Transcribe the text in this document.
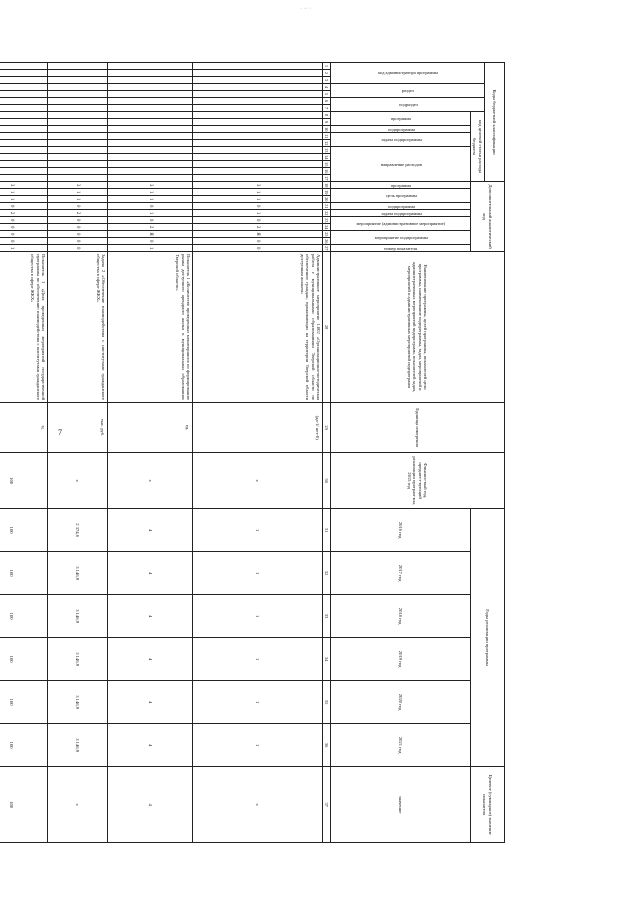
· ·· ·
7
Коды бюджетной классификации																	Дополнительный аналитический код										Наименование программы, целей программы, показателей цели программы, наименование подпрограммы, задач, мероприятий и административных мероприятий подпрограмм, показателей задач, мероприятий и административных мероприятий подпрограмм	Единица измерения	Финансо-вый год, предшест-вующий реализации програм-мы, 2015 год	Годы реализации программы						Целевое (суммарное) значение показателя
код администратора программы			раздел		подраздел		код целевой статьи расхода бюджета																													
							программа		подпрограмма	задача подпрограммы		направление расходов					программа	цель программы		подпрограмма	задача подпрограммы	мероприятие (административное мероприятие)		мероприятие подпрограммы		номер показателя				2016 год	2017 год	2018 год	2019 год	2020 год	2021 год	значение
1	2	3	4	5	6	7	8	9	10	11	12	13	14	15	16	17	18	19	20	21	22	23	24	25	26	27	28	29	30	31	32	33	34	35	36	37
																	3	1	1	0	1	0	2	Я	0	0	Административное мероприятие 1.002 «Организационно-методическая работа с муниципальными образованиями Тверской области по обеспечению граждан, проживающих на территории Тверской области доступным жильем»	(да-1/ нет-0)	х	1	1	1	1	1	1	х
																	3	1	1	0	1	0	2	Я	0	1	Показатель 1 «Количество проведенных мониторингов по формированию рынка доступного арендного жилья в муниципальных образованиях Тверской области»	ед.	х	4	4	4	4	4	4	4
																	3	1	1	0	2	0	0	0	0	0	Задача 2 «Обеспечение взаимодействия с институтами гражданского общества в сфере ЖКХ»	тыс. руб.	х	2 374,6	3 146,9	3 146,9	3 146,9	3 146,9	3 146,9	х
																	3	1	1	0	2	0	0	0	0	1	Показатель 1 «Доля проведенных мероприятий государственной программы по обеспечению взаимодействия с институтами гражданского общества в сфере ЖКХ»	%	100	100	100	100	100	100	100	100
